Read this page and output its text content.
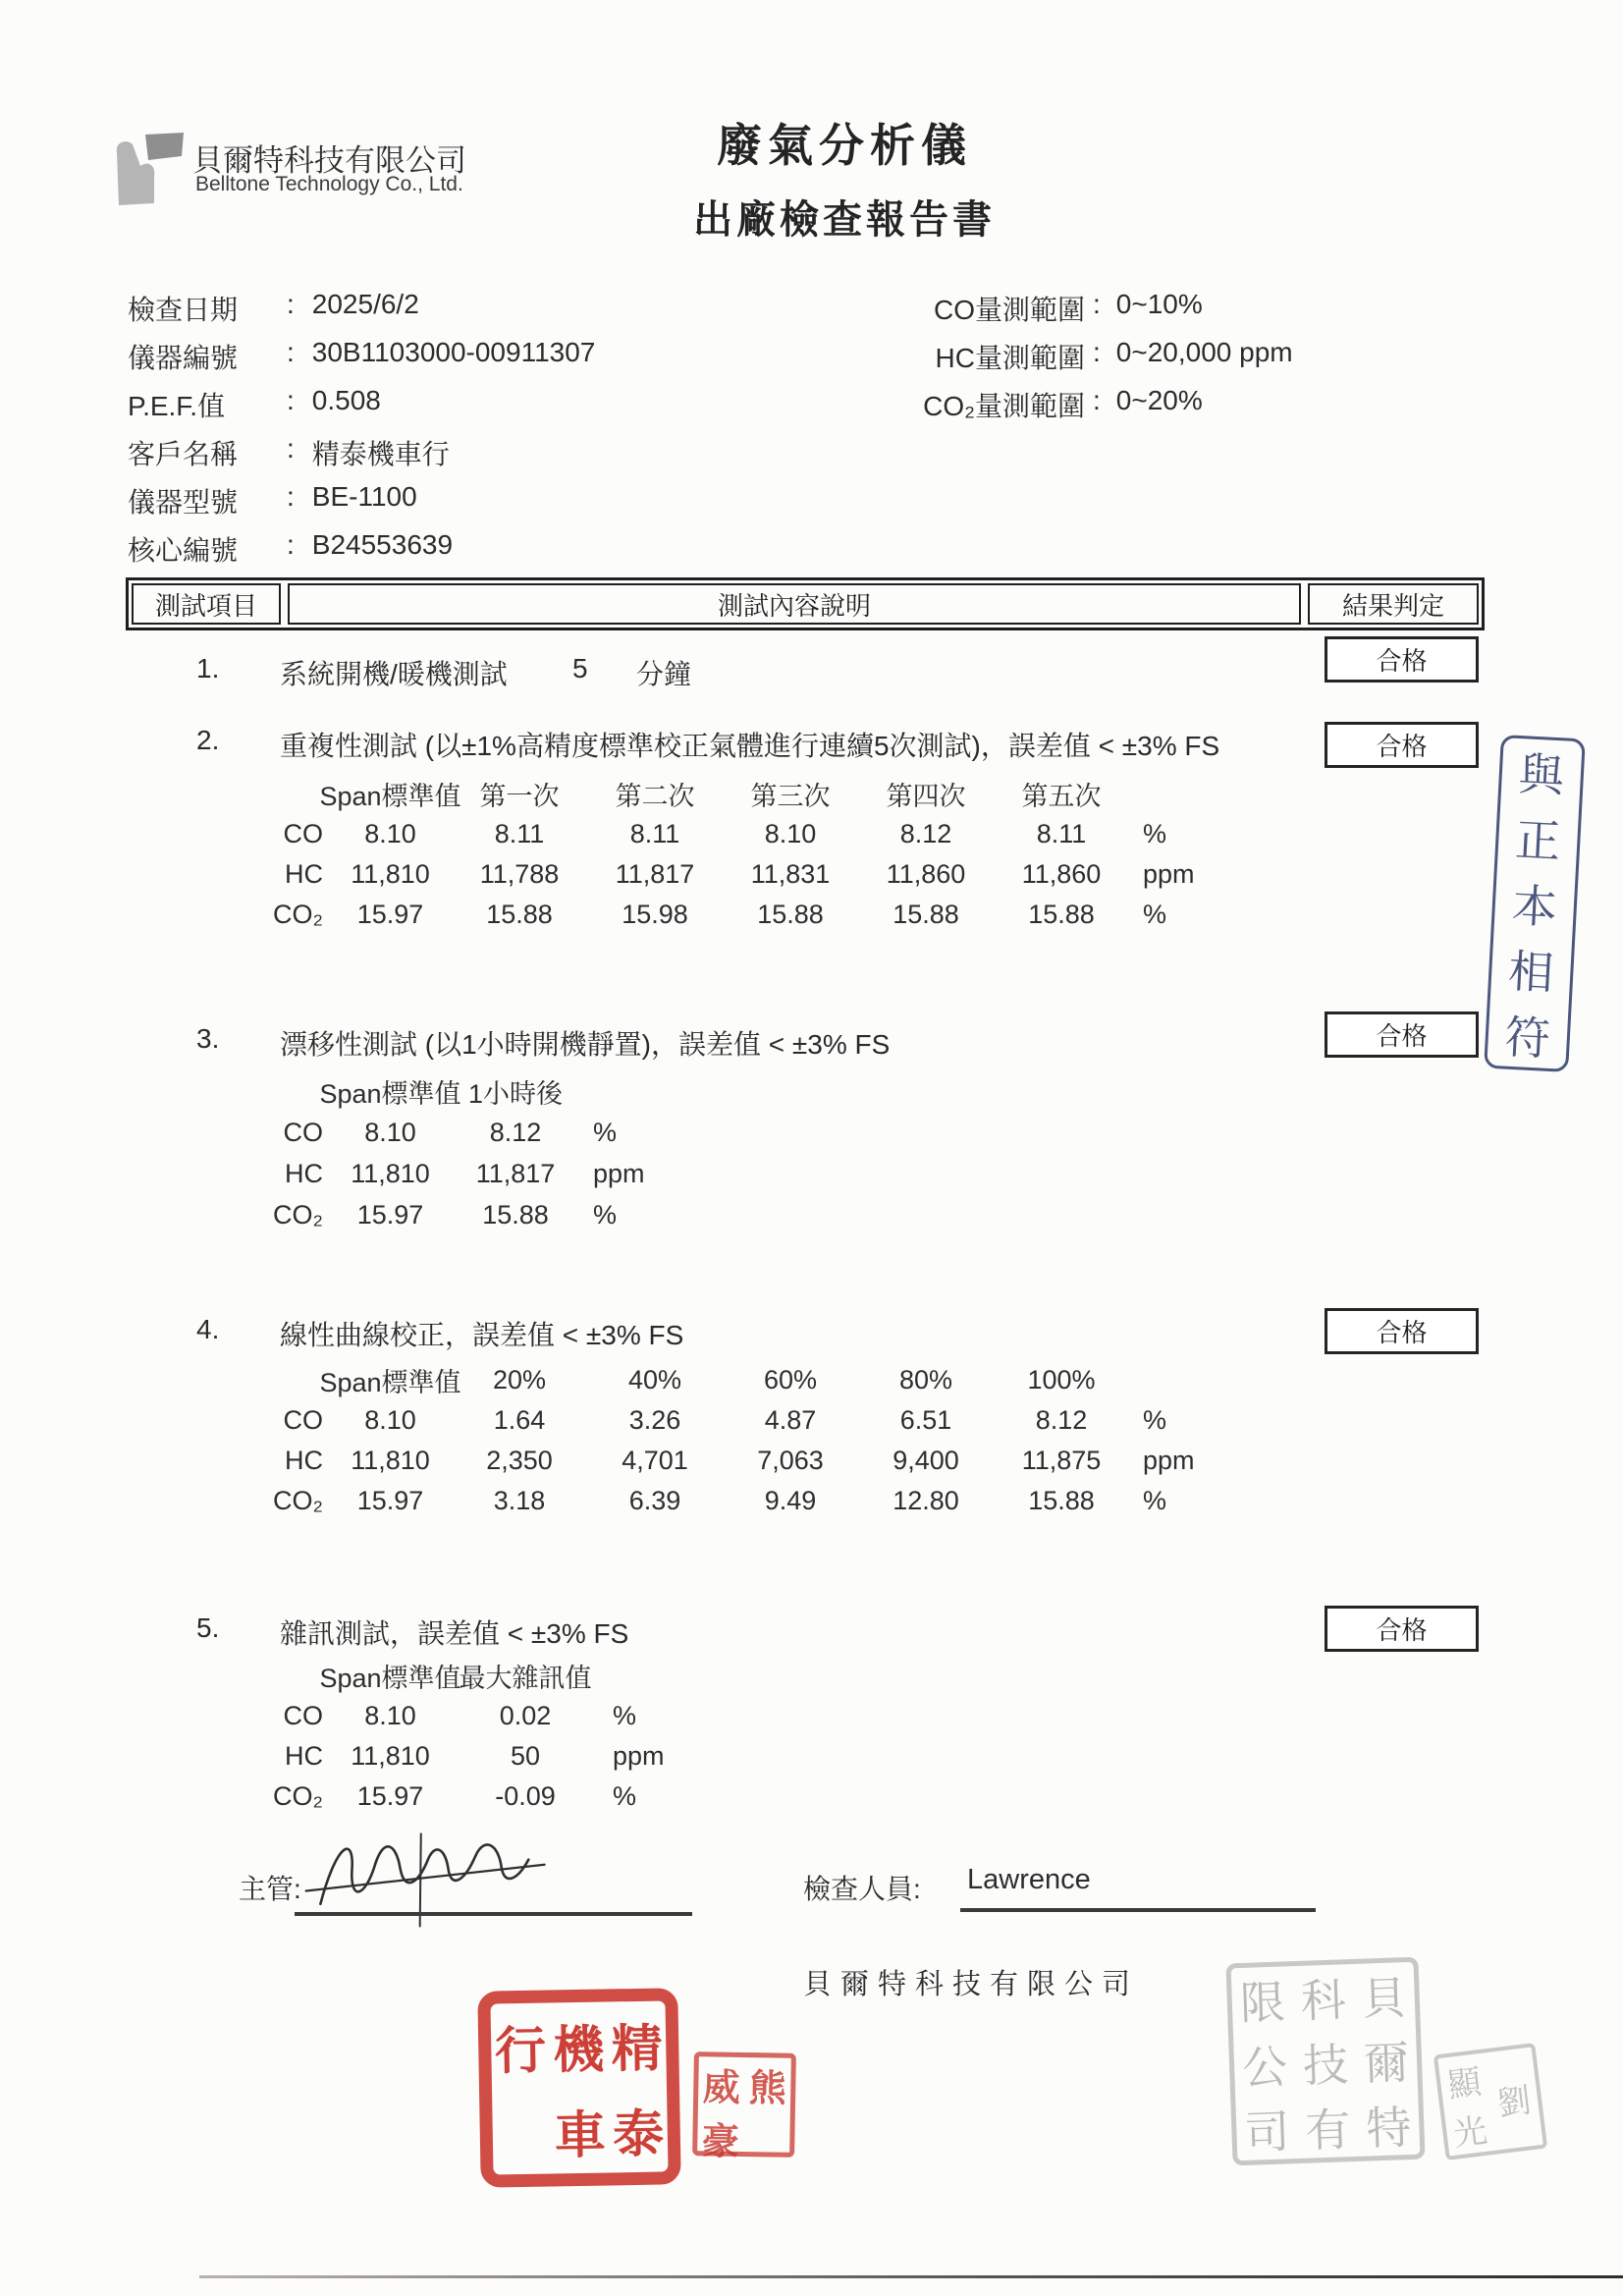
貝爾特科技有限公司
Belltone Technology Co., Ltd.
廢氣分析儀
出廠檢查報告書
檢查日期	: 2025/6/2
儀器編號	: 30B1103000-00911307
P.E.F.值	: 0.508
客戶名稱	: 精泰機車行
儀器型號	: BE-1100
核心編號	: B24553639
CO量測範圍 : 0~10%
HC量測範圍 : 0~20,000 ppm
CO₂量測範圍 : 0~20%
測試項目	測試內容說明	結果判定
1. 系統開機/暖機測試 5 分鐘	合格
2. 重複性測試 (以±1%高精度標準校正氣體進行連續5次測試)，誤差值 < ±3% FS	合格
Span標準值 第一次	第二次	第三次	第四次	第五次
CO	8.10	8.11	8.11	8.10	8.12	8.11	%
HC	11,810	11,788	11,817	11,831	11,860	11,860	ppm
CO₂	15.97	15.88	15.98	15.88	15.88	15.88	%
3. 漂移性測試 (以1小時開機靜置)，誤差值 < ±3% FS	合格
Span標準值 1小時後
CO	8.10	8.12	%
HC	11,810	11,817	ppm
CO₂	15.97	15.88	%
4. 線性曲線校正，誤差值 < ±3% FS	合格
Span標準值	20%	40%	60%	80%	100%
CO	8.10	1.64	3.26	4.87	6.51	8.12	%
HC	11,810	2,350	4,701	7,063	9,400	11,875	ppm
CO₂	15.97	3.18	6.39	9.49	12.80	15.88	%
5. 雜訊測試，誤差值 < ±3% FS	合格
Span標準值
最大雜訊值
CO	8.10	0.02	%
HC	11,810	50	ppm
CO₂	15.97	-0.09	%
主管:	檢查人員: Lawrence
貝爾特科技有限公司
與
正
本
相
符
精
泰
機
車
行
熊
威
豪
貝
爾
特
科
技
有
限
公
司
劉
顯
光
